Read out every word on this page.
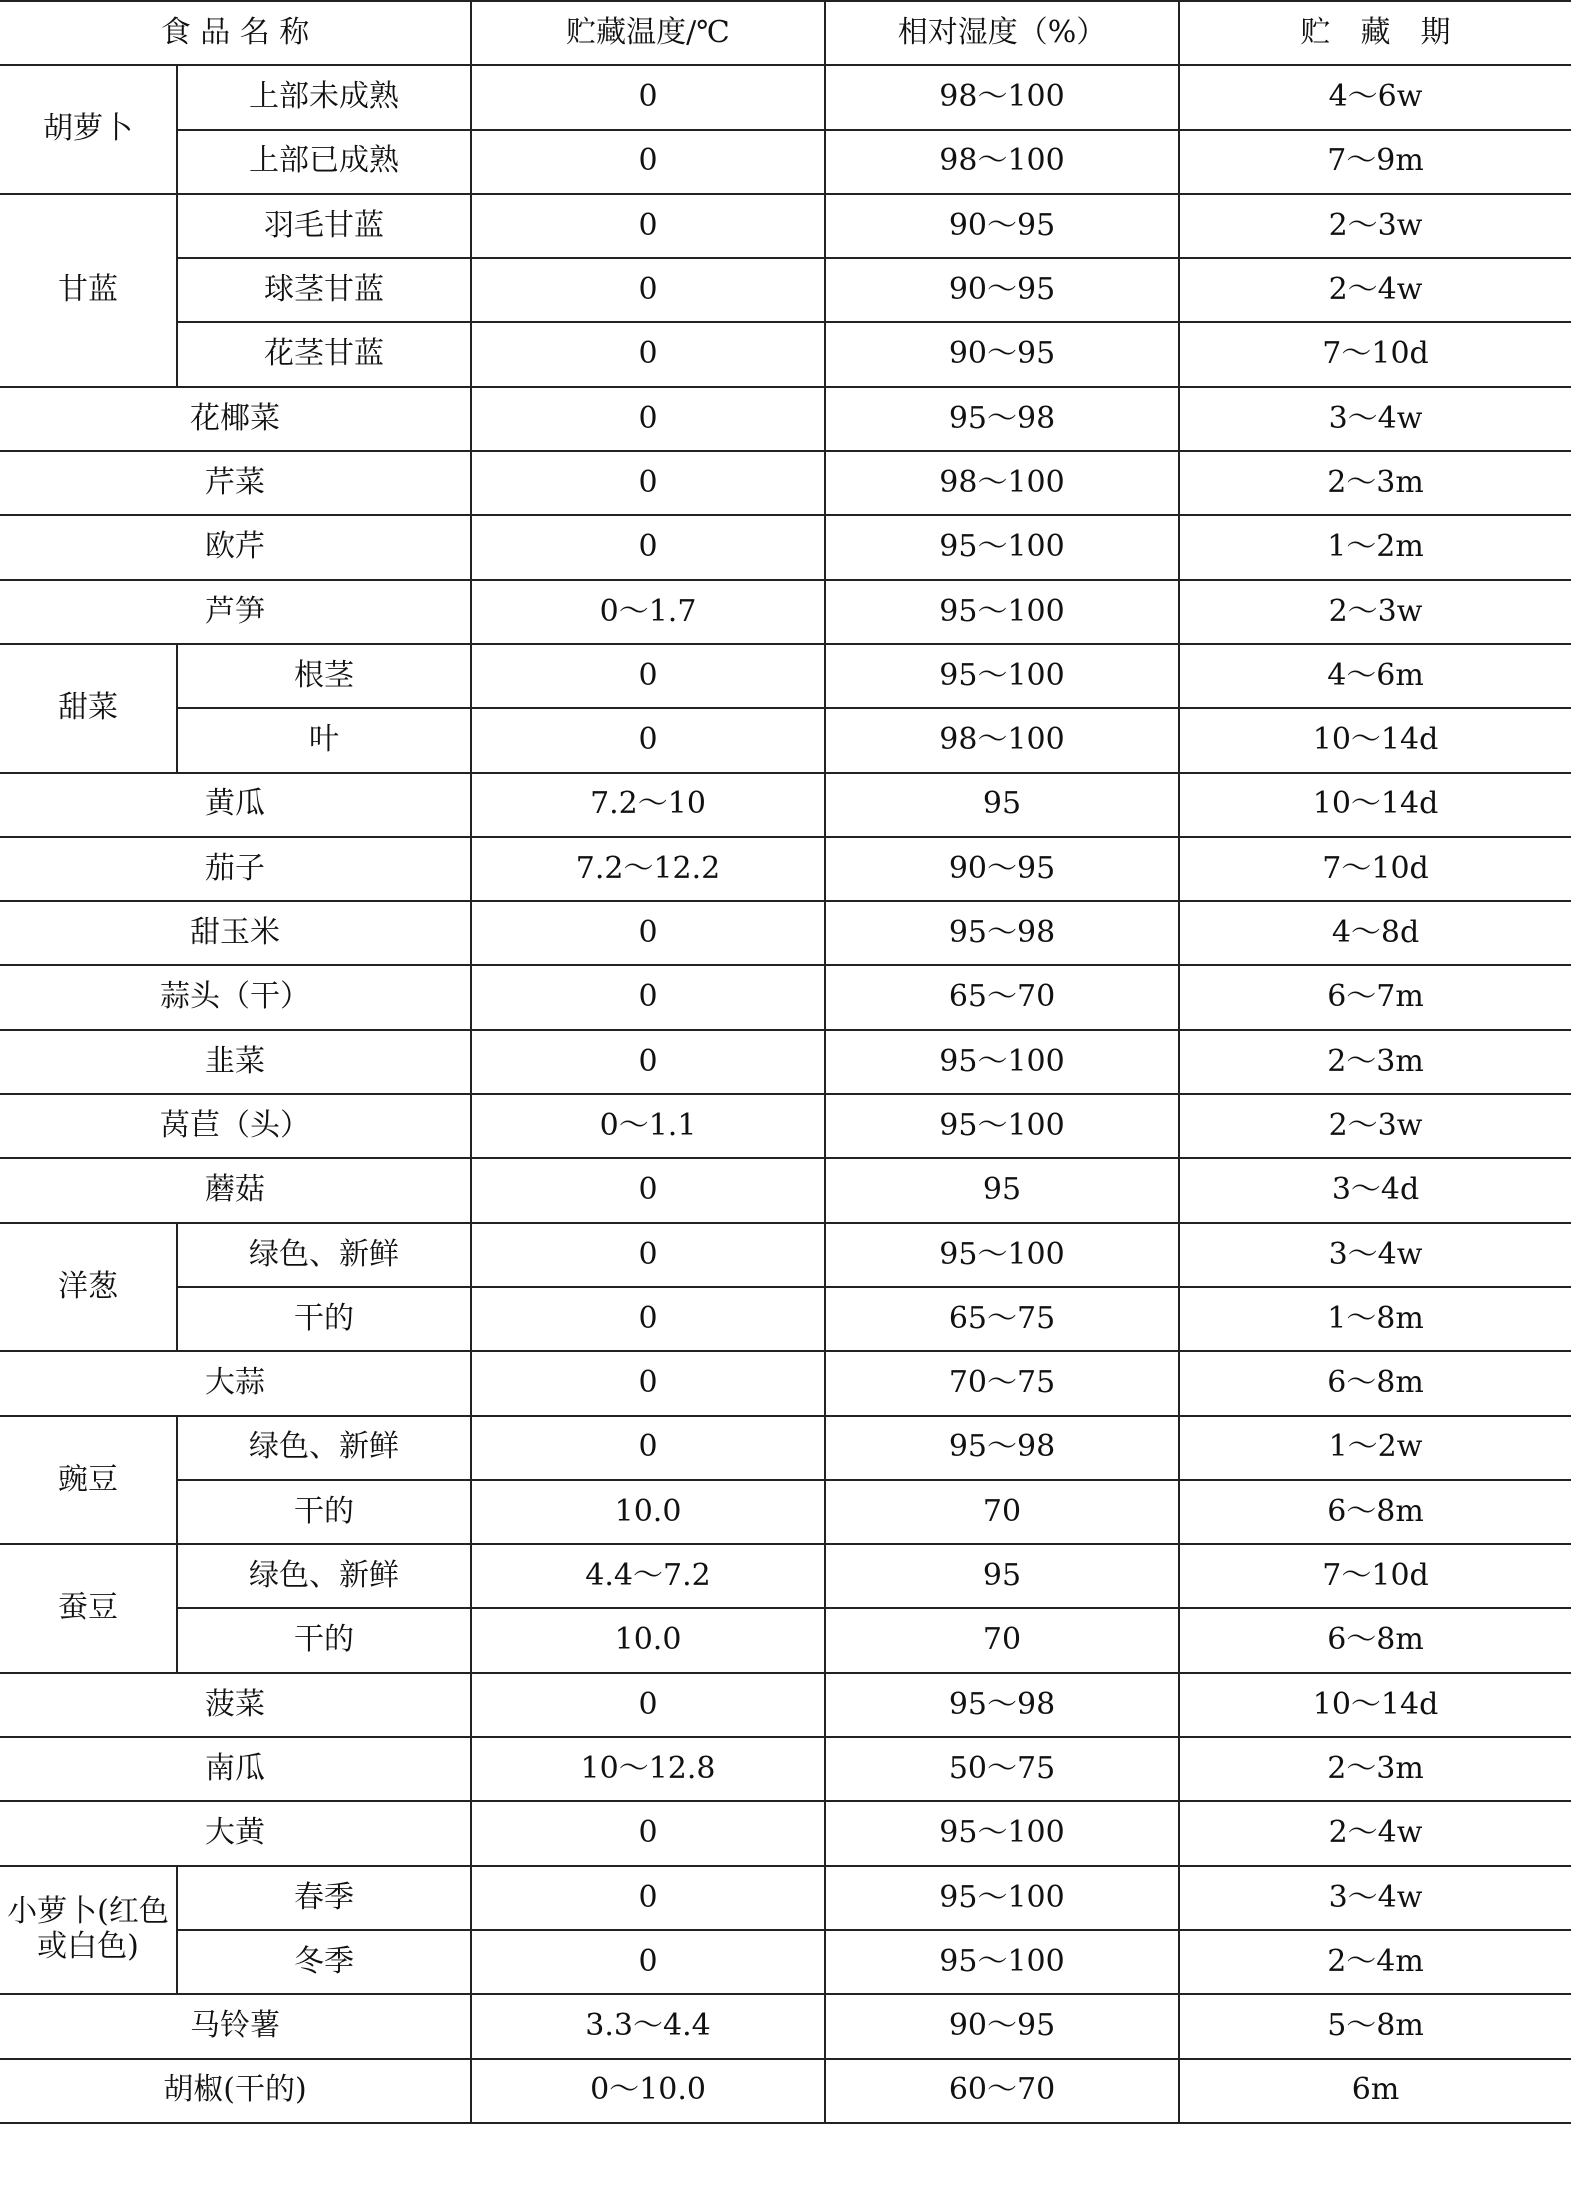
食 品 名 称		贮藏温度/℃	相对湿度（%）	贮　藏　期
胡萝卜	上部未成熟	0	98～100	4～6w
	上部已成熟	0	98～100	7～9m
甘蓝	羽毛甘蓝	0	90～95	2～3w
	球茎甘蓝	0	90～95	2～4w
	花茎甘蓝	0	90～95	7～10d
花椰菜		0	95～98	3～4w
芹菜		0	98～100	2～3m
欧芹		0	95～100	1～2m
芦笋		0～1.7	95～100	2～3w
甜菜	根茎	0	95～100	4～6m
	叶	0	98～100	10～14d
黄瓜		7.2～10	95	10～14d
茄子		7.2～12.2	90～95	7～10d
甜玉米		0	95～98	4～8d
蒜头（干）		0	65～70	6～7m
韭菜		0	95～100	2～3m
莴苣（头）		0～1.1	95～100	2～3w
蘑菇		0	95	3～4d
洋葱	绿色、新鲜	0	95～100	3～4w
	干的	0	65～75	1～8m
大蒜		0	70～75	6～8m
豌豆	绿色、新鲜	0	95～98	1～2w
	干的	10.0	70	6～8m
蚕豆	绿色、新鲜	4.4～7.2	95	7～10d
	干的	10.0	70	6～8m
菠菜		0	95～98	10～14d
南瓜		10～12.8	50～75	2～3m
大黄		0	95～100	2～4w
小萝卜(红色或白色)	春季	0	95～100	3～4w
	冬季	0	95～100	2～4m
马铃薯		3.3～4.4	90～95	5～8m
胡椒(干的)		0～10.0	60～70	6m
